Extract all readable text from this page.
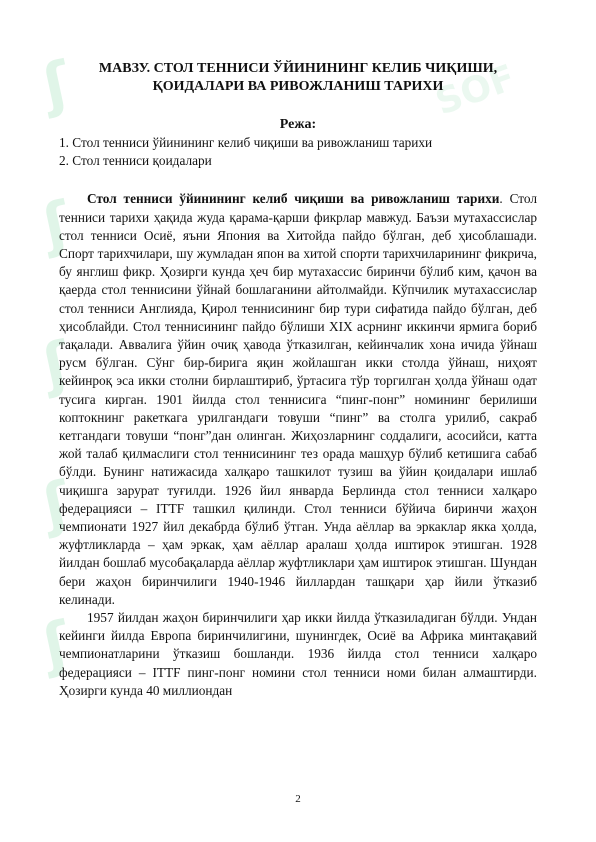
ʃ
ʃ
ʃ
ʃ
ʃ
SOF
МАВЗУ. СТОЛ ТЕННИСИ ЎЙИНИНИНГ КЕЛИБ ЧИҚИШИ,
ҚОИДАЛАРИ ВА РИВОЖЛАНИШ ТАРИХИ
Режа:
1. Стол тенниси ўйинининг келиб чиқиши ва ривожланиш тарихи
2. Стол тенниси қоидалари

Стол тенниси ўйинининг келиб чиқиши ва ривожланиш тарихи. Стол тенниси тарихи ҳақида жуда қарама-қарши фикрлар мавжуд. Баъзи мутахассислар стол тенниси Осиё, яъни Япония ва Хитойда пайдо бўлган, деб ҳисоблашади. Спорт тарихчилари, шу жумладан япон ва хитой спорти тарихчиларининг фикрича, бу янглиш фикр. Ҳозирги кунда ҳеч бир мутахассис биринчи бўлиб ким, қачон ва қаерда стол теннисини ўйнай бошлаганини айтолмайди. Кўпчилик мутахассислар стол тенниси Англияда, Қирол теннисининг бир тури сифатида пайдо бўлган, деб ҳисоблайди. Стол теннисининг пайдо бўлиши XIX асрнинг иккинчи ярмига бориб тақалади. Аввалига ўйин очиқ ҳавода ўтказилган, кейинчалик хона ичида ўйнаш русм бўлган. Сўнг бир-бирига яқин жойлашган икки столда ўйнаш, ниҳоят кейинроқ эса икки столни бирлаштириб, ўртасига тўр торгилган ҳолда ўйнаш одат тусига кирган. 1901 йилда стол теннисига “пинг-понг” номининг берилиши коптокнинг ракеткага урилгандаги товуши “пинг” ва столга урилиб, сакраб кетгандаги товуши “понг”дан олинган. Жиҳозларнинг соддалиги, асосийси, катта жой талаб қилмаслиги стол теннисининг тез орада машҳур бўлиб кетишига сабаб бўлди. Бунинг натижасида халқаро ташкилот тузиш ва ўйин қоидалари ишлаб чиқишга зарурат туғилди. 1926 йил январда Берлинда стол тенниси халқаро федерацияси – ITTF ташкил қилинди. Стол тенниси бўйича биринчи жаҳон чемпионати 1927 йил декабрда бўлиб ўтган. Унда аёллар ва эркаклар якка ҳолда, жуфтликларда – ҳам эркак, ҳам аёллар аралаш ҳолда иштирок этишган. 1928 йилдан бошлаб мусобақаларда аёллар жуфтликлари ҳам иштирок этишган. Шундан бери жаҳон биринчилиги 1940-1946 йиллардан ташқари ҳар йили ўтказиб келинади.

1957 йилдан жаҳон биринчилиги ҳар икки йилда ўтказиладиган бўлди. Ундан кейинги йилда Европа биринчилигини, шунингдек, Осиё ва Африка минтақавий чемпионатларини ўтказиш бошланди. 1936 йилда стол тенниси халқаро федерацияси – ITTF пинг-понг номини стол тенниси номи билан алмаштирди. Ҳозирги кунда 40 миллиондан

2
